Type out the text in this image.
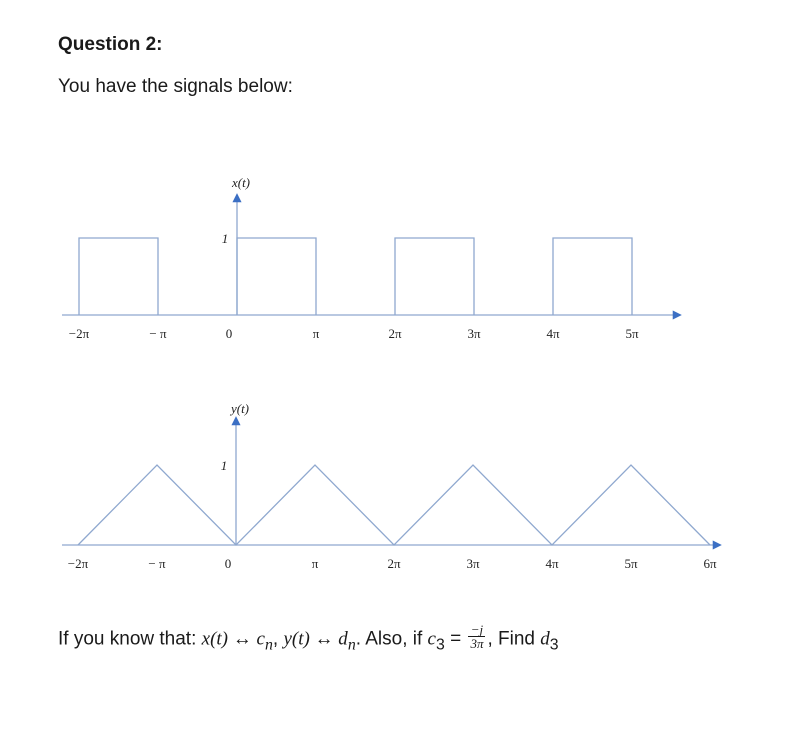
Question 2:
You have the signals below:
x(t)
1
−2π	− π	0	π	2π	3π	4π	5π
y(t)
1
−2π	− π	0	π	2π	3π	4π	5π	6π
If you know that: x(t) ↔ $c_n$, y(t) ↔ $d_n$. Also, if $c_3 = \frac{-j}{3\pi}$ , Find $d_3$
